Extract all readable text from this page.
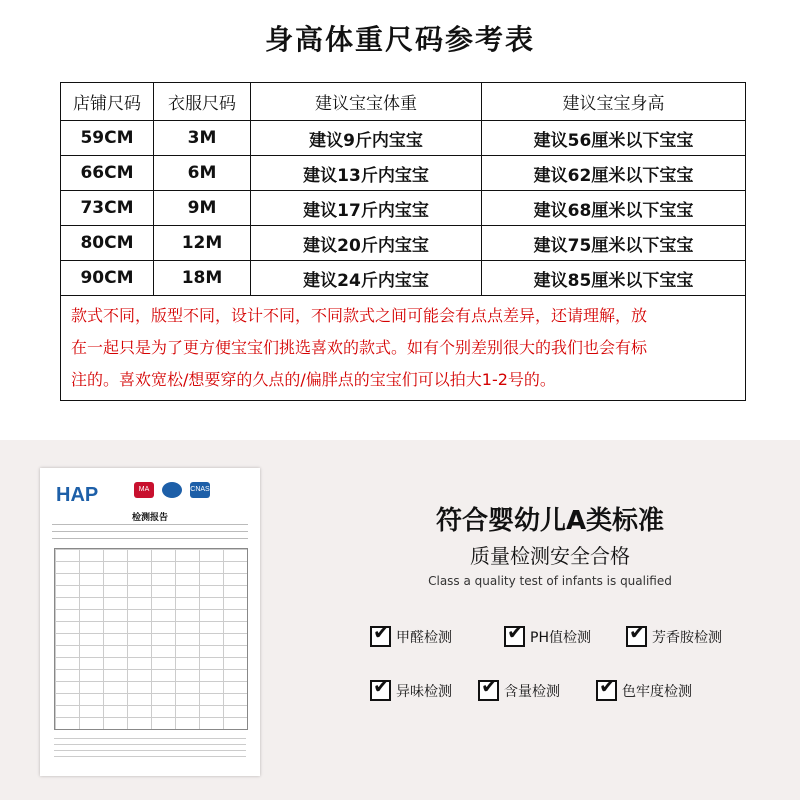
身高体重尺码参考表
店铺尺码	衣服尺码	建议宝宝体重	建议宝宝身高
59CM	3M	建议9斤内宝宝	建议56厘米以下宝宝
66CM	6M	建议13斤内宝宝	建议62厘米以下宝宝
73CM	9M	建议17斤内宝宝	建议68厘米以下宝宝
80CM	12M	建议20斤内宝宝	建议75厘米以下宝宝
90CM	18M	建议24斤内宝宝	建议85厘米以下宝宝

款式不同，版型不同，设计不同，不同款式之间可能会有点点差异，还请理解，放
在一起只是为了更方便宝宝们挑选喜欢的款式。如有个别差别很大的我们也会有标
注的。喜欢宽松/想要穿的久点的/偏胖点的宝宝们可以拍大1-2号的。			
HAP	MA	CNAS
检测报告	符合婴幼儿A类标准
质量检测安全合格
Class a quality test of infants is qualified
✔ 甲醛检测	✔ PH值检测 ✔ 芳香胺检测
✔ 异味检测 ✔ 含量检测 ✔ 色牢度检测
